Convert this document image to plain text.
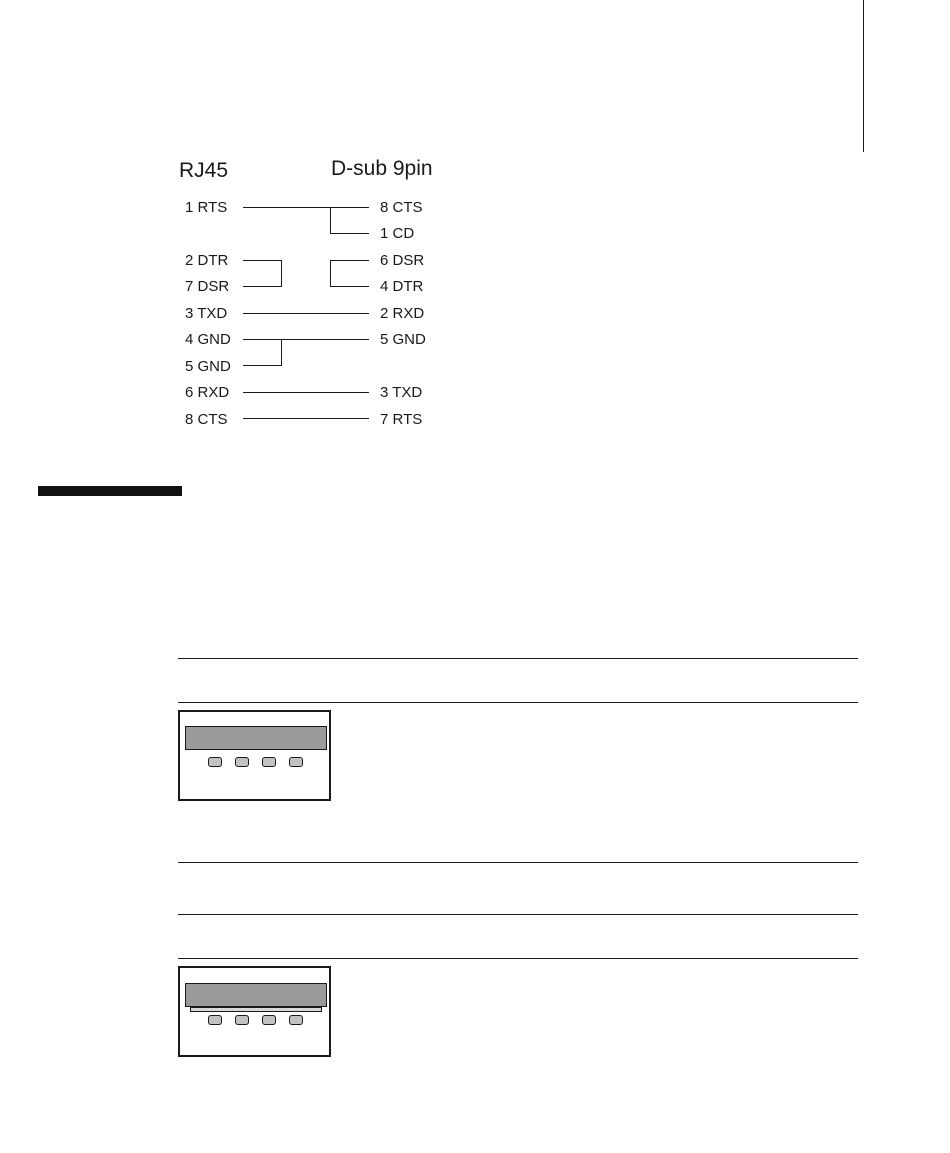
RJ45	D-sub 9pin
1 RTS
2 DTR
7 DSR
3 TXD
4 GND
5 GND
6 RXD
8 CTS
8 CTS
1 CD
6 DSR
4 DTR
2 RXD
5 GND
3 TXD
7 RTS
